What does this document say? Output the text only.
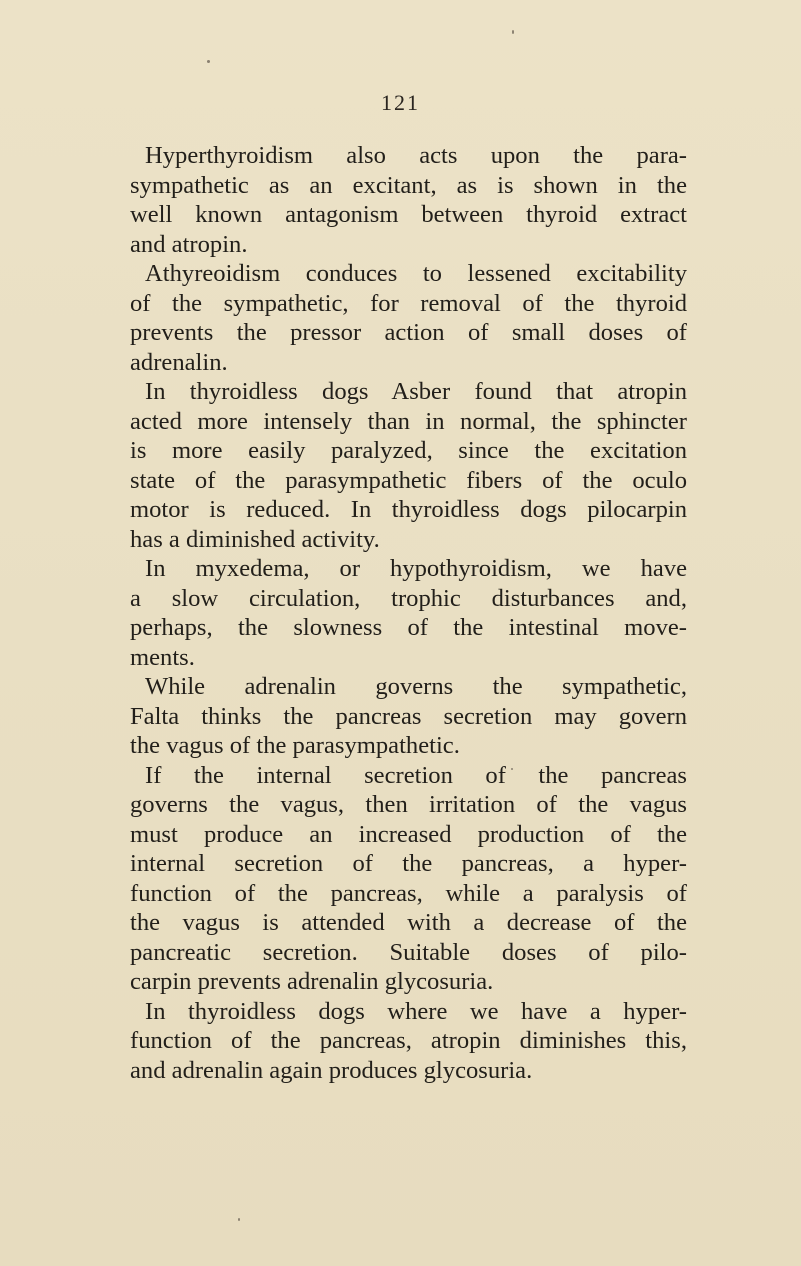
121

Hyperthyroidism also acts upon the para-
sympathetic as an excitant, as is shown in the
well known antagonism between thyroid extract
and atropin.

Athyreoidism conduces to lessened excitability
of the sympathetic, for removal of the thyroid
prevents the pressor action of small doses of
adrenalin.

In thyroidless dogs Asber found that atropin
acted more intensely than in normal, the sphincter
is more easily paralyzed, since the excitation
state of the parasympathetic fibers of the oculo
motor is reduced. In thyroidless dogs pilocarpin
has a diminished activity.

In myxedema, or hypothyroidism, we have
a slow circulation, trophic disturbances and,
perhaps, the slowness of the intestinal move-
ments.

While adrenalin governs the sympathetic,
Falta thinks the pancreas secretion may govern
the vagus of the parasympathetic.

If the internal secretion of the pancreas
governs the vagus, then irritation of the vagus
must produce an increased production of the
internal secretion of the pancreas, a hyper-
function of the pancreas, while a paralysis of
the vagus is attended with a decrease of the
pancreatic secretion. Suitable doses of pilo-
carpin prevents adrenalin glycosuria.

In thyroidless dogs where we have a hyper-
function of the pancreas, atropin diminishes this,
and adrenalin again produces glycosuria.
